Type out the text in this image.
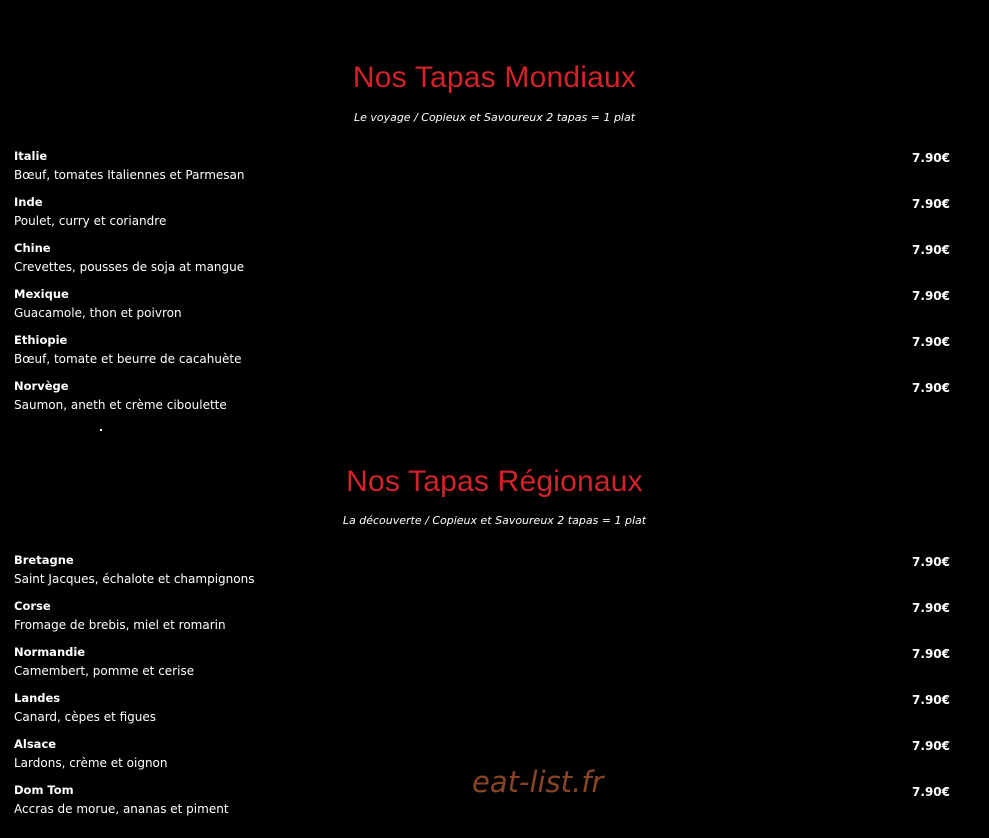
Nos Tapas Mondiaux
Le voyage / Copieux et Savoureux 2 tapas = 1 plat
Italie
Bœuf, tomates Italiennes et Parmesan
7.90€
Inde
Poulet, curry et coriandre
7.90€
Chine
Crevettes, pousses de soja at mangue
7.90€
Mexique
Guacamole, thon et poivron
7.90€
Ethiopie
Bœuf, tomate et beurre de cacahuète
7.90€
Norvège
Saumon, aneth et crème ciboulette
7.90€
Nos Tapas Régionaux
La découverte / Copieux et Savoureux 2 tapas = 1 plat
Bretagne
Saint Jacques, échalote et champignons
7.90€
Corse
Fromage de brebis, miel et romarin
7.90€
Normandie
Camembert, pomme et cerise
7.90€
Landes
Canard, cèpes et figues
7.90€
Alsace
Lardons, crème et oignon
7.90€
Dom Tom
Accras de morue, ananas et piment
7.90€
eat-list.fr
